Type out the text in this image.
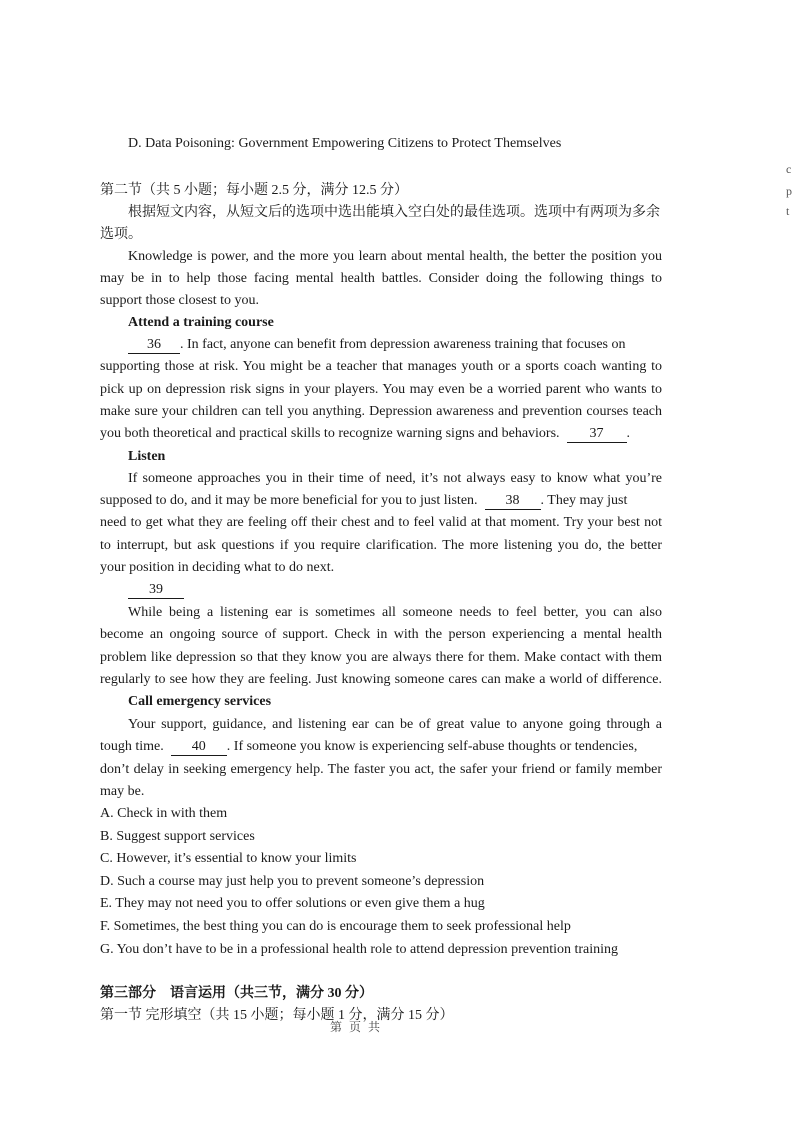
D. Data Poisoning: Government Empowering Citizens to Protect Themselves
c
p
t
第二节（共 5 小题；每小题 2.5 分，满分 12.5 分）
根据短文内容，从短文后的选项中选出能填入空白处的最佳选项。选项中有两项为多余
选项。
Knowledge is power, and the more you learn about mental health, the better the position you
may be in to help those facing mental health battles. Consider doing the following things to
support those closest to you.
Attend a training course
36 . In fact, anyone can benefit from depression awareness training that focuses on
supporting those at risk. You might be a teacher that manages youth or a sports coach wanting to
pick up on depression risk signs in your players. You may even be a worried parent who wants to
make sure your children can tell you anything. Depression awareness and prevention courses teach
you both theoretical and practical skills to recognize warning signs and behaviors. 37 .
Listen
If someone approaches you in their time of need, it’s not always easy to know what you’re
supposed to do, and it may be more beneficial for you to just listen. 38 . They may just
need to get what they are feeling off their chest and to feel valid at that moment. Try your best not
to interrupt, but ask questions if you require clarification. The more listening you do, the better
your position in deciding what to do next.
39
While being a listening ear is sometimes all someone needs to feel better, you can also
become an ongoing source of support. Check in with the person experiencing a mental health
problem like depression so that they know you are always there for them. Make contact with them
regularly to see how they are feeling. Just knowing someone cares can make a world of difference.
Call emergency services
Your support, guidance, and listening ear can be of great value to anyone going through a
tough time. 40 . If someone you know is experiencing self-abuse thoughts or tendencies,
don’t delay in seeking emergency help. The faster you act, the safer your friend or family member
may be.
A. Check in with them
B. Suggest support services
C. However, it’s essential to know your limits
D. Such a course may just help you to prevent someone’s depression
E. They may not need you to offer solutions or even give them a hug
F. Sometimes, the best thing you can do is encourage them to seek professional help
G. You don’t have to be in a professional health role to attend depression prevention training
第三部分　语言运用（共三节，满分 30 分）
第一节 完形填空（共 15 小题；每小题 1 分，满分 15 分）
第 页 共
